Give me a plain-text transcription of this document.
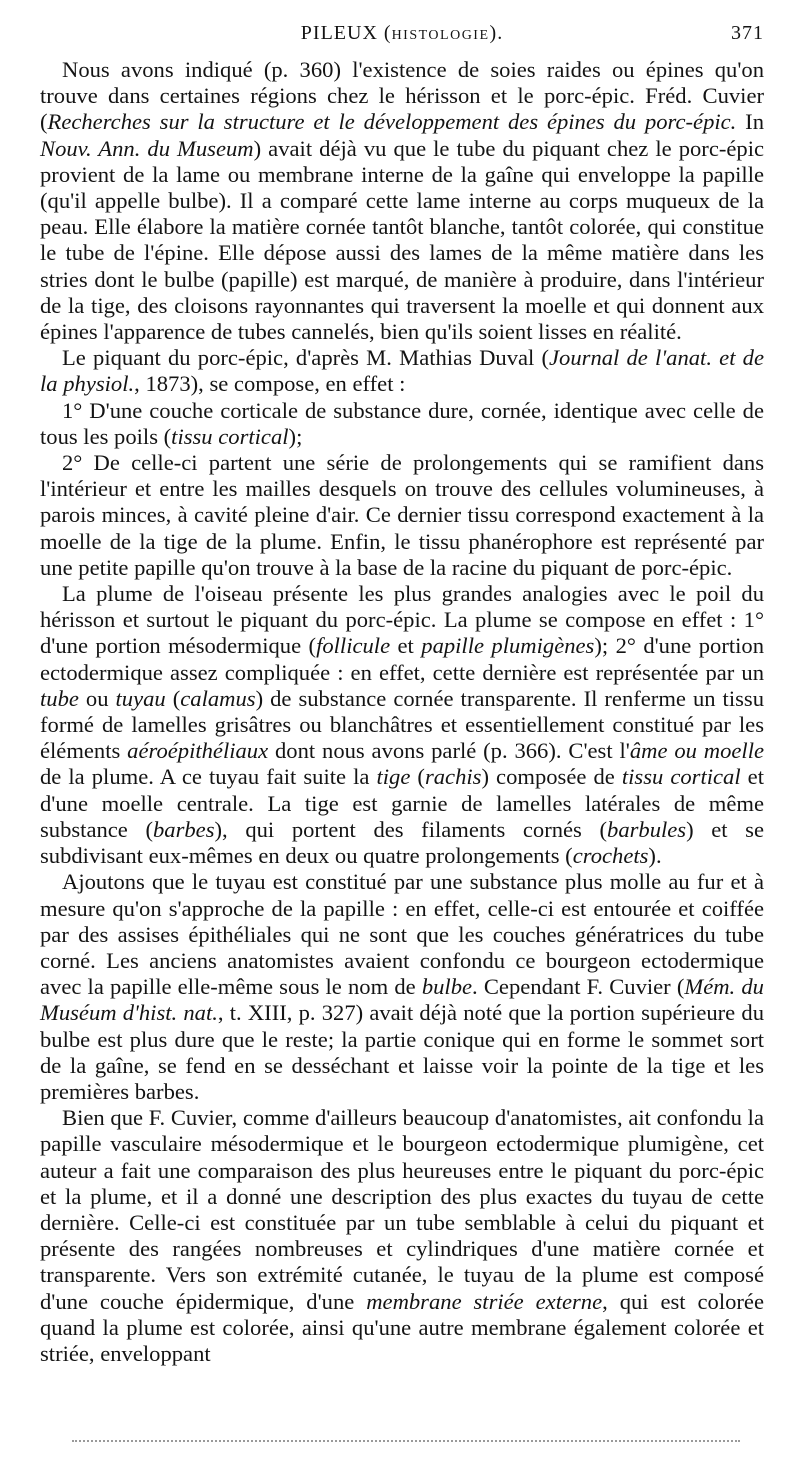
PILEUX (HISTOLOGIE).	371

Nous avons indiqué (p. 360) l'existence de soies raides ou épines qu'on trouve dans certaines régions chez le hérisson et le porc-épic. Fréd. Cuvier (Recherches sur la structure et le développement des épines du porc-épic. In Nouv. Ann. du Museum) avait déjà vu que le tube du piquant chez le porc-épic provient de la lame ou membrane interne de la gaîne qui enveloppe la papille (qu'il appelle bulbe). Il a comparé cette lame interne au corps muqueux de la peau. Elle élabore la matière cornée tantôt blanche, tantôt colorée, qui constitue le tube de l'épine. Elle dépose aussi des lames de la même matière dans les stries dont le bulbe (papille) est marqué, de manière à produire, dans l'intérieur de la tige, des cloisons rayonnantes qui traversent la moelle et qui donnent aux épines l'apparence de tubes cannelés, bien qu'ils soient lisses en réalité.

Le piquant du porc-épic, d'après M. Mathias Duval (Journal de l'anat. et de la physiol., 1873), se compose, en effet :

1° D'une couche corticale de substance dure, cornée, identique avec celle de tous les poils (tissu cortical);

2° De celle-ci partent une série de prolongements qui se ramifient dans l'intérieur et entre les mailles desquels on trouve des cellules volumineuses, à parois minces, à cavité pleine d'air. Ce dernier tissu correspond exactement à la moelle de la tige de la plume. Enfin, le tissu phanérophore est représenté par une petite papille qu'on trouve à la base de la racine du piquant de porc-épic.

La plume de l'oiseau présente les plus grandes analogies avec le poil du hérisson et surtout le piquant du porc-épic. La plume se compose en effet : 1° d'une portion mésodermique (follicule et papille plumigènes); 2° d'une portion ectodermique assez compliquée : en effet, cette dernière est représentée par un tube ou tuyau (calamus) de substance cornée transparente. Il renferme un tissu formé de lamelles grisâtres ou blanchâtres et essentiellement constitué par les éléments aéroépithéliaux dont nous avons parlé (p. 366). C'est l'âme ou moelle de la plume. A ce tuyau fait suite la tige (rachis) composée de tissu cortical et d'une moelle centrale. La tige est garnie de lamelles latérales de même substance (barbes), qui portent des filaments cornés (barbules) et se subdivisant eux-mêmes en deux ou quatre prolongements (crochets).

Ajoutons que le tuyau est constitué par une substance plus molle au fur et à mesure qu'on s'approche de la papille : en effet, celle-ci est entourée et coiffée par des assises épithéliales qui ne sont que les couches génératrices du tube corné. Les anciens anatomistes avaient confondu ce bourgeon ectodermique avec la papille elle-même sous le nom de bulbe. Cependant F. Cuvier (Mém. du Muséum d'hist. nat., t. XIII, p. 327) avait déjà noté que la portion supérieure du bulbe est plus dure que le reste; la partie conique qui en forme le sommet sort de la gaîne, se fend en se desséchant et laisse voir la pointe de la tige et les premières barbes.

Bien que F. Cuvier, comme d'ailleurs beaucoup d'anatomistes, ait confondu la papille vasculaire mésodermique et le bourgeon ectodermique plumigène, cet auteur a fait une comparaison des plus heureuses entre le piquant du porc-épic et la plume, et il a donné une description des plus exactes du tuyau de cette dernière. Celle-ci est constituée par un tube semblable à celui du piquant et présente des rangées nombreuses et cylindriques d'une matière cornée et transparente. Vers son extrémité cutanée, le tuyau de la plume est composé d'une couche épidermique, d'une membrane striée externe, qui est colorée quand la plume est colorée, ainsi qu'une autre membrane également colorée et striée, enveloppant
